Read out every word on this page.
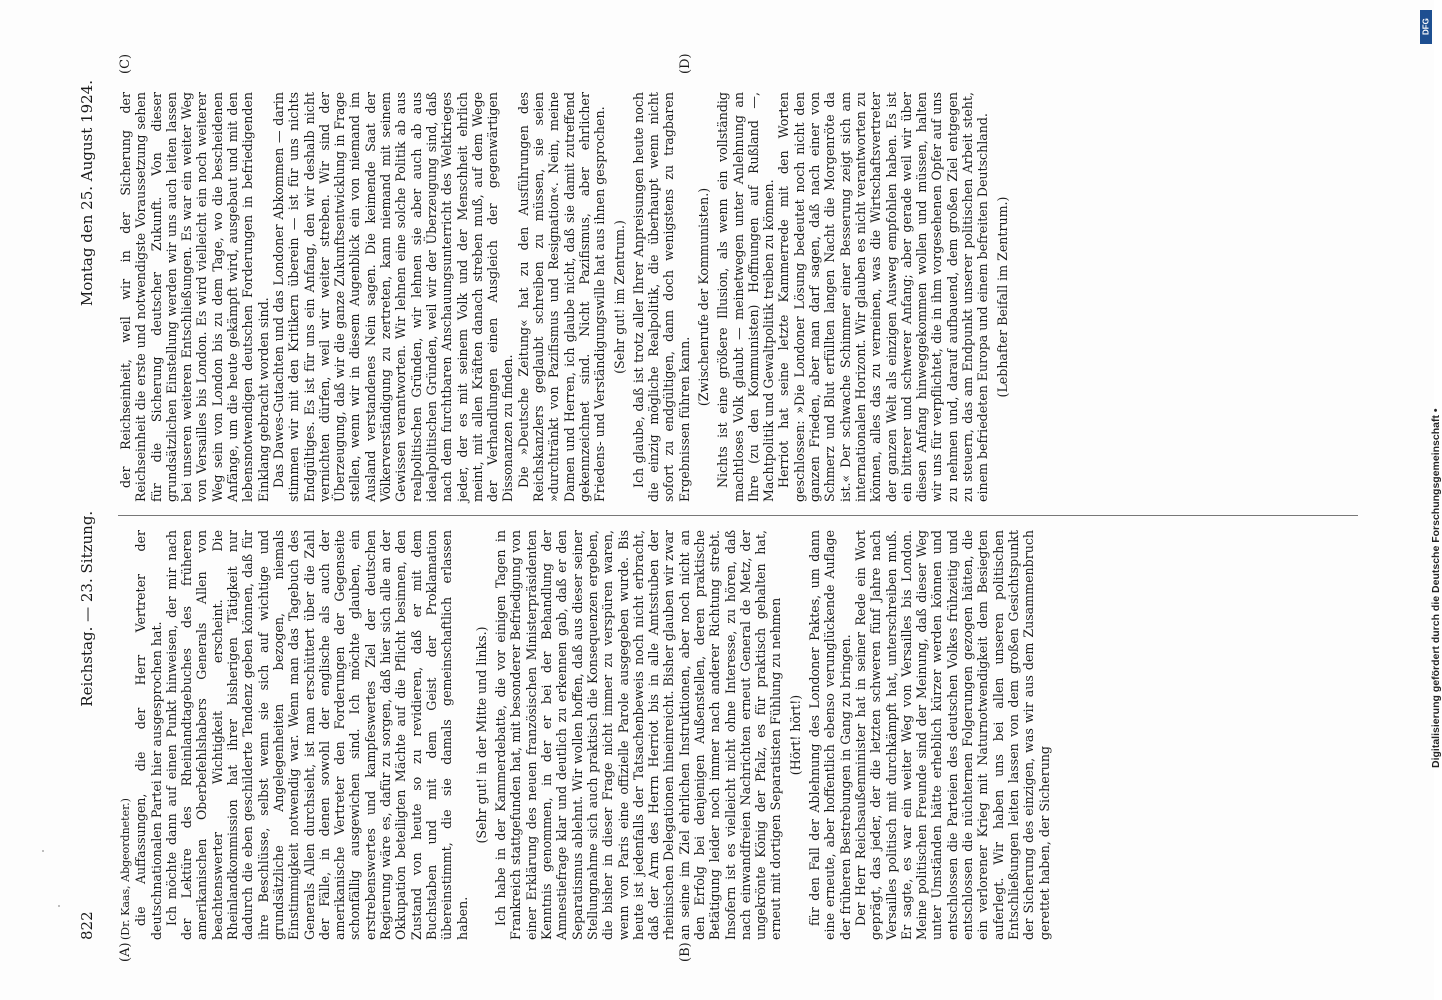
822
Reichstag. — 23. Sitzung.
Montag den 25. August 1924.

(Dr. Kaas, Abgeordneter.) die Auffassungen, die der Herr Vertreter der deutschnationalen Partei hier ausgesprochen hat. Ich möchte dann auf einen Punkt hinweisen, der mir nach der Lektüre des Rheinlandtagebuches des früheren amerikanischen Oberbefehlshabers Generals Allen von beachtenswerter Wichtigkeit erscheint. Die Rheinlandkommission hat ihrer bisherigen Tätigkeit nur dadurch die eben geschilderte Tendenz geben können, daß für ihre Beschlüsse, selbst wenn sie sich auf wichtige und grundsätzliche Angelegenheiten bezogen, niemals Einstimmigkeit notwendig war. Wenn man das Tagebuch des Generals Allen durchsieht, ist man erschüttert über die Zahl der Fälle, in denen sowohl der englische als auch der amerikanische Vertreter den Forderungen der Gegenseite schonfällig ausgewichen sind. Ich möchte glauben, ein erstrebenswertes und kampfeswertes Ziel der deutschen Regierung wäre es, dafür zu sorgen, daß hier sich alle an der Okkupation beteiligten Mächte auf die Pflicht besinnen, den Zustand von heute so zu revidieren, daß er mit dem Buchstaben und mit dem Geist der Proklamation übereinstimmt, die sie damals gemeinschaftlich erlassen haben.

(Sehr gut! in der Mitte und links.) Ich habe in der Kammerdebatte, die vor einigen Tagen in Frankreich stattgefunden hat, mit besonderer Befriedigung von einer Erklärung des neuen französischen Ministerpräsidenten Kenntnis genommen, in der er bei der Behandlung der Amnestiefrage klar und deutlich zu erkennen gab, daß er den Separatismus ablehnt. Wir wollen hoffen, daß aus dieser seiner Stellungnahme sich auch praktisch die Konsequenzen ergeben, die bisher in dieser Frage nicht immer zu verspüren waren, wenn von Paris eine offizielle Parole ausgegeben wurde. Bis heute ist jedenfalls der Tatsachenbeweis noch nicht erbracht, daß der Arm des Herrn Herriot bis in alle Amtsstuben der rheinischen Delegationen hineinreicht. Bisher glauben wir zwar an seine im Ziel ehrlichen Instruktionen, aber noch nicht an den Erfolg bei denjenigen Außenstellen, deren praktische Betätigung leider noch immer nach anderer Richtung strebt. Insofern ist es vielleicht nicht ohne Interesse, zu hören, daß nach einwandfreien Nachrichten erneut General de Metz, der ungekrönte König der Pfalz, es für praktisch gehalten hat, erneut mit dortigen Separatisten Fühlung zu nehmen (Hört! hört!) für den Fall der Ablehnung des Londoner Paktes, um dann eine erneute, aber hoffentlich ebenso verunglückende Auflage der früheren Bestrebungen in Gang zu bringen. Der Herr Reichsaußenminister hat in seiner Rede ein Wort geprägt, das jeder, der die letzten schweren fünf Jahre nach Versailles politisch mit durchkämpft hat, unterschreiben muß. Er sagte, es war ein weiter Weg von Versailles bis London. Meine politischen Freunde sind der Meinung, daß dieser Weg unter Umständen hätte erheblich kürzer werden können und entschlossen die Parteien des deutschen Volkes frühzeitig und entschlossen die nüchternen Folgerungen gezogen hätten, die ein verlorener Krieg mit Naturnotwendigkeit dem Besiegten auferlegt. Wir haben uns bei allen unseren politischen Entschließungen leiten lassen von dem großen Gesichtspunkt der Sicherung des einzigen, was wir aus dem Zusammenbruch gerettet haben, der Sicherung

der Reichseinheit, weil wir in der Sicherung der Reichseinheit die erste und notwendigste Voraussetzung sehen für die Sicherung deutscher Zukunft. Von dieser grundsätzlichen Einstellung werden wir uns auch leiten lassen bei unseren weiteren Entschließungen. Es war ein weiter Weg von Versailles bis London. Es wird vielleicht ein noch weiterer Weg sein von London bis zu dem Tage, wo die bescheidenen Anfänge, um die heute gekämpft wird, ausgebaut und mit den lebensnotwendigen deutschen Forderungen in befriedigenden Einklang gebracht worden sind. Das Dawes-Gutachten und das Londoner Abkommen — darin stimmen wir mit den Kritikern überein — ist für uns nichts Endgültiges. Es ist für uns ein Anfang, den wir deshalb nicht vernichten dürfen, weil wir weiter streben. Wir sind der Überzeugung, daß wir die ganze Zukunftsentwicklung in Frage stellen, wenn wir in diesem Augenblick ein von niemand im Ausland verstandenes Nein sagen. Die keimende Saat der Völkerverständigung zu zertreten, kann niemand mit seinem Gewissen verantworten. Wir lehnen eine solche Politik ab aus realpolitischen Gründen, wir lehnen sie aber auch ab aus idealpolitischen Gründen, weil wir der Überzeugung sind, daß nach dem furchtbaren Anschauungsunterricht des Weltkrieges jeder, der es mit seinem Volk und der Menschheit ehrlich meint, mit allen Kräften danach streben muß, auf dem Wege der Verhandlungen einen Ausgleich der gegenwärtigen Dissonanzen zu finden. Die »Deutsche Zeitung« hat zu den Ausführungen des Reichskanzlers geglaubt schreiben zu müssen, sie seien »durchtränkt von Pazifismus und Resignation«. Nein, meine Damen und Herren, ich glaube nicht, daß sie damit zutreffend gekennzeichnet sind. Nicht Pazifismus, aber ehrlicher Friedens- und Verständigungswille hat aus ihnen gesprochen. (Sehr gut! im Zentrum.) Ich glaube, daß ist trotz aller Ihrer Anpreisungen heute noch die einzig mögliche Realpolitik, die überhaupt wenn nicht sofort zu endgültigen, dann doch wenigstens zu tragbaren Ergebnissen führen kann.

(Zwischenrufe der Kommunisten.) Nichts ist eine größere Illusion, als wenn ein vollständig machtloses Volk glaubt — meinetwegen unter Anlehnung an Ihre (zu den Kommunisten) Hoffnungen auf Rußland —, Machtpolitik und Gewaltpolitik treiben zu können. Herriot hat seine letzte Kammerrede mit den Worten geschlossen: »Die Londoner Lösung bedeutet noch nicht den ganzen Frieden, aber man darf sagen, daß nach einer von Schmerz und Blut erfüllten langen Nacht die Morgenröte da ist.« Der schwache Schimmer einer Besserung zeigt sich am internationalen Horizont. Wir glauben es nicht verantworten zu können, alles das zu verneinen, was die Wirtschaftsvertreter der ganzen Welt als einzigen Ausweg empfohlen haben. Es ist ein bitterer und schwerer Anfang; aber gerade weil wir über diesen Anfang hinweggekommen wollen und müssen, halten wir uns für verpflichtet, die in ihm vorgesehenen Opfer auf uns zu nehmen und, darauf aufbauend, dem großen Ziel entgegen zu steuern, das am Endpunkt unserer politischen Arbeit steht, einem befriedeten Europa und einem befreiten Deutschland. (Lebhafter Beifall im Zentrum.)

(A)	(B)
(C)	(D)
Digitalisierung gefördert durch die Deutsche Forschungsgemeinschaft •
DFG
